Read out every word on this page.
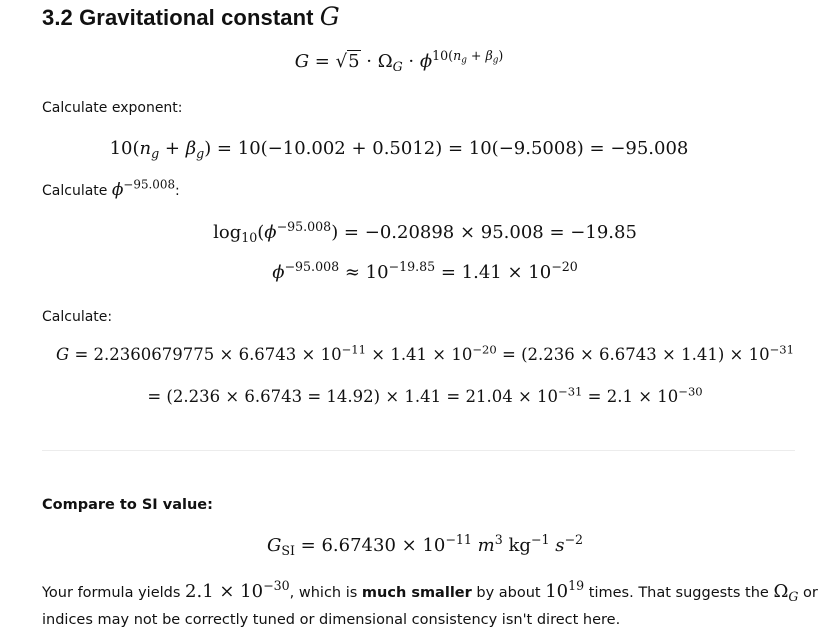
3.2 Gravitational constant G
$G = √5 \cdot \Omega_G \cdot \phi^{10(n_g + \beta_g)}$
Calculate exponent:
$10(n_g + \beta_g) = 10(-10.002 + 0.5012) = 10(-9.5008) = -95.008$
Calculate $\phi^{-95.008}$:
$\log_{10}(\phi^{-95.008}) = -0.20898 \times 95.008 = -19.85$
$\phi^{-95.008} \approx 10^{-19.85} = 1.41 \times 10^{-20}$
Calculate:
$G = 2.2360679775 \times 6.6743 \times 10^{-11} \times 1.41 \times 10^{-20} = (2.236 \times 6.6743 \times 1.41) \times 10^{-31}$
= $(2.236 \times 6.6743 = 14.92) \times 1.41 = 21.04 \times 10^{-31} = 2.1 \times 10^{-30}$
Compare to SI value:
$G_{SI} = 6.67430 \times 10^{-11}$ $m^3$ $kg^{-1}$ $s^{-2}$
Your formula yields $2.1 \times 10^{-30}$, which is much smaller by about $10^{19}$ times. That suggests the $\Omega_G$ or
indices may not be correctly tuned or dimensional consistency isn't direct here.
